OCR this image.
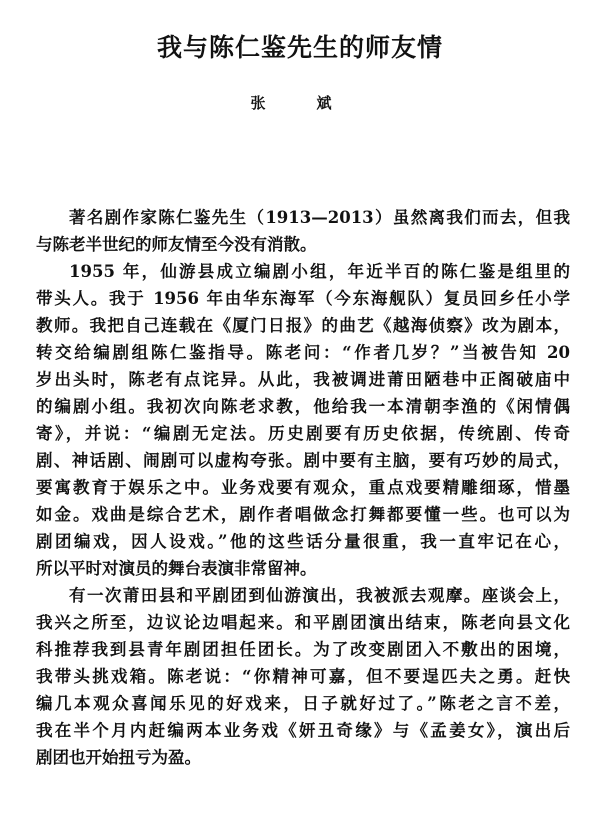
我与陈仁鉴先生的师友情
张　斌
著名剧作家陈仁鉴先生（1913—2013）虽然离我们而去，但我
与陈老半世纪的师友情至今没有消散。
1955 年，仙游县成立编剧小组，年近半百的陈仁鉴是组里的
带头人。我于 1956 年由华东海军（今东海舰队）复员回乡任小学
教师。我把自己连载在《厦门日报》的曲艺《越海侦察》改为剧本，
转交给编剧组陈仁鉴指导。陈老问：“作者几岁？”当被告知 20
岁出头时，陈老有点诧异。从此，我被调进莆田陋巷中正阁破庙中
的编剧小组。我初次向陈老求教，他给我一本清朝李渔的《闲情偶
寄》，并说：“编剧无定法。历史剧要有历史依据，传统剧、传奇
剧、神话剧、闹剧可以虚构夸张。剧中要有主脑，要有巧妙的局式，
要寓教育于娱乐之中。业务戏要有观众，重点戏要精雕细琢，惜墨
如金。戏曲是综合艺术，剧作者唱做念打舞都要懂一些。也可以为
剧团编戏，因人设戏。”他的这些话分量很重，我一直牢记在心，
所以平时对演员的舞台表演非常留神。
有一次莆田县和平剧团到仙游演出，我被派去观摩。座谈会上，
我兴之所至，边议论边唱起来。和平剧团演出结束，陈老向县文化
科推荐我到县青年剧团担任团长。为了改变剧团入不敷出的困境，
我带头挑戏箱。陈老说：“你精神可嘉，但不要逞匹夫之勇。赶快
编几本观众喜闻乐见的好戏来，日子就好过了。”陈老之言不差，
我在半个月内赶编两本业务戏《妍丑奇缘》与《孟姜女》，演出后
剧团也开始扭亏为盈。
